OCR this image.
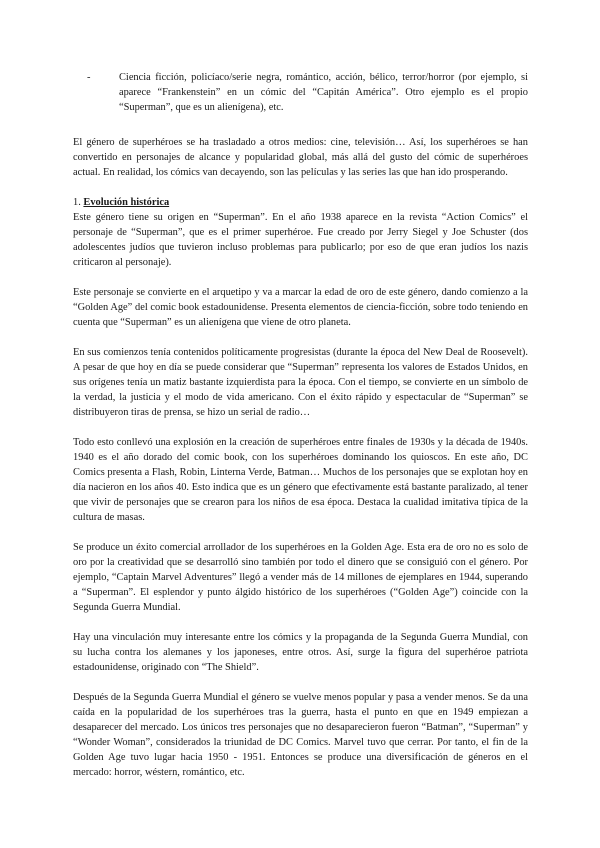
-	Ciencia ficción, policíaco/serie negra, romántico, acción, bélico, terror/horror (por ejemplo, si aparece “Frankenstein” en un cómic del “Capitán América”. Otro ejemplo es el propio “Superman”, que es un alienígena), etc.

El género de superhéroes se ha trasladado a otros medios: cine, televisión… Así, los superhéroes se han convertido en personajes de alcance y popularidad global, más allá del gusto del cómic de superhéroes actual. En realidad, los cómics van decayendo, son las películas y las series las que han ido prosperando.

1. Evolución histórica

Este género tiene su origen en “Superman”. En el año 1938 aparece en la revista “Action Comics” el personaje de “Superman”, que es el primer superhéroe. Fue creado por Jerry Siegel y Joe Schuster (dos adolescentes judíos que tuvieron incluso problemas para publicarlo; por eso de que eran judíos los nazis criticaron al personaje).

Este personaje se convierte en el arquetipo y va a marcar la edad de oro de este género, dando comienzo a la “Golden Age” del comic book estadounidense. Presenta elementos de ciencia-ficción, sobre todo teniendo en cuenta que “Superman” es un alienígena que viene de otro planeta.

En sus comienzos tenía contenidos políticamente progresistas (durante la época del New Deal de Roosevelt). A pesar de que hoy en día se puede considerar que “Superman” representa los valores de Estados Unidos, en sus orígenes tenía un matiz bastante izquierdista para la época. Con el tiempo, se convierte en un símbolo de la verdad, la justicia y el modo de vida americano. Con el éxito rápido y espectacular de “Superman” se distribuyeron tiras de prensa, se hizo un serial de radio…

Todo esto conllevó una explosión en la creación de superhéroes entre finales de 1930s y la década de 1940s. 1940 es el año dorado del comic book, con los superhéroes dominando los quioscos. En este año, DC Comics presenta a Flash, Robin, Linterna Verde, Batman… Muchos de los personajes que se explotan hoy en día nacieron en los años 40. Esto indica que es un género que efectivamente está bastante paralizado, al tener que vivir de personajes que se crearon para los niños de esa época. Destaca la cualidad imitativa típica de la cultura de masas.

Se produce un éxito comercial arrollador de los superhéroes en la Golden Age. Esta era de oro no es solo de oro por la creatividad que se desarrolló sino también por todo el dinero que se consiguió con el género. Por ejemplo, “Captain Marvel Adventures” llegó a vender más de 14 millones de ejemplares en 1944, superando a “Superman”. El esplendor y punto álgido histórico de los superhéroes (“Golden Age”) coincide con la Segunda Guerra Mundial.

Hay una vinculación muy interesante entre los cómics y la propaganda de la Segunda Guerra Mundial, con su lucha contra los alemanes y los japoneses, entre otros. Así, surge la figura del superhéroe patriota estadounidense, originado con “The Shield”.

Después de la Segunda Guerra Mundial el género se vuelve menos popular y pasa a vender menos. Se da una caída en la popularidad de los superhéroes tras la guerra, hasta el punto en que en 1949 empiezan a desaparecer del mercado. Los únicos tres personajes que no desaparecieron fueron “Batman”, “Superman” y “Wonder Woman”, considerados la triunidad de DC Comics. Marvel tuvo que cerrar. Por tanto, el fin de la Golden Age tuvo lugar hacia 1950 - 1951. Entonces se produce una diversificación de géneros en el mercado: horror, wéstern, romántico, etc.
